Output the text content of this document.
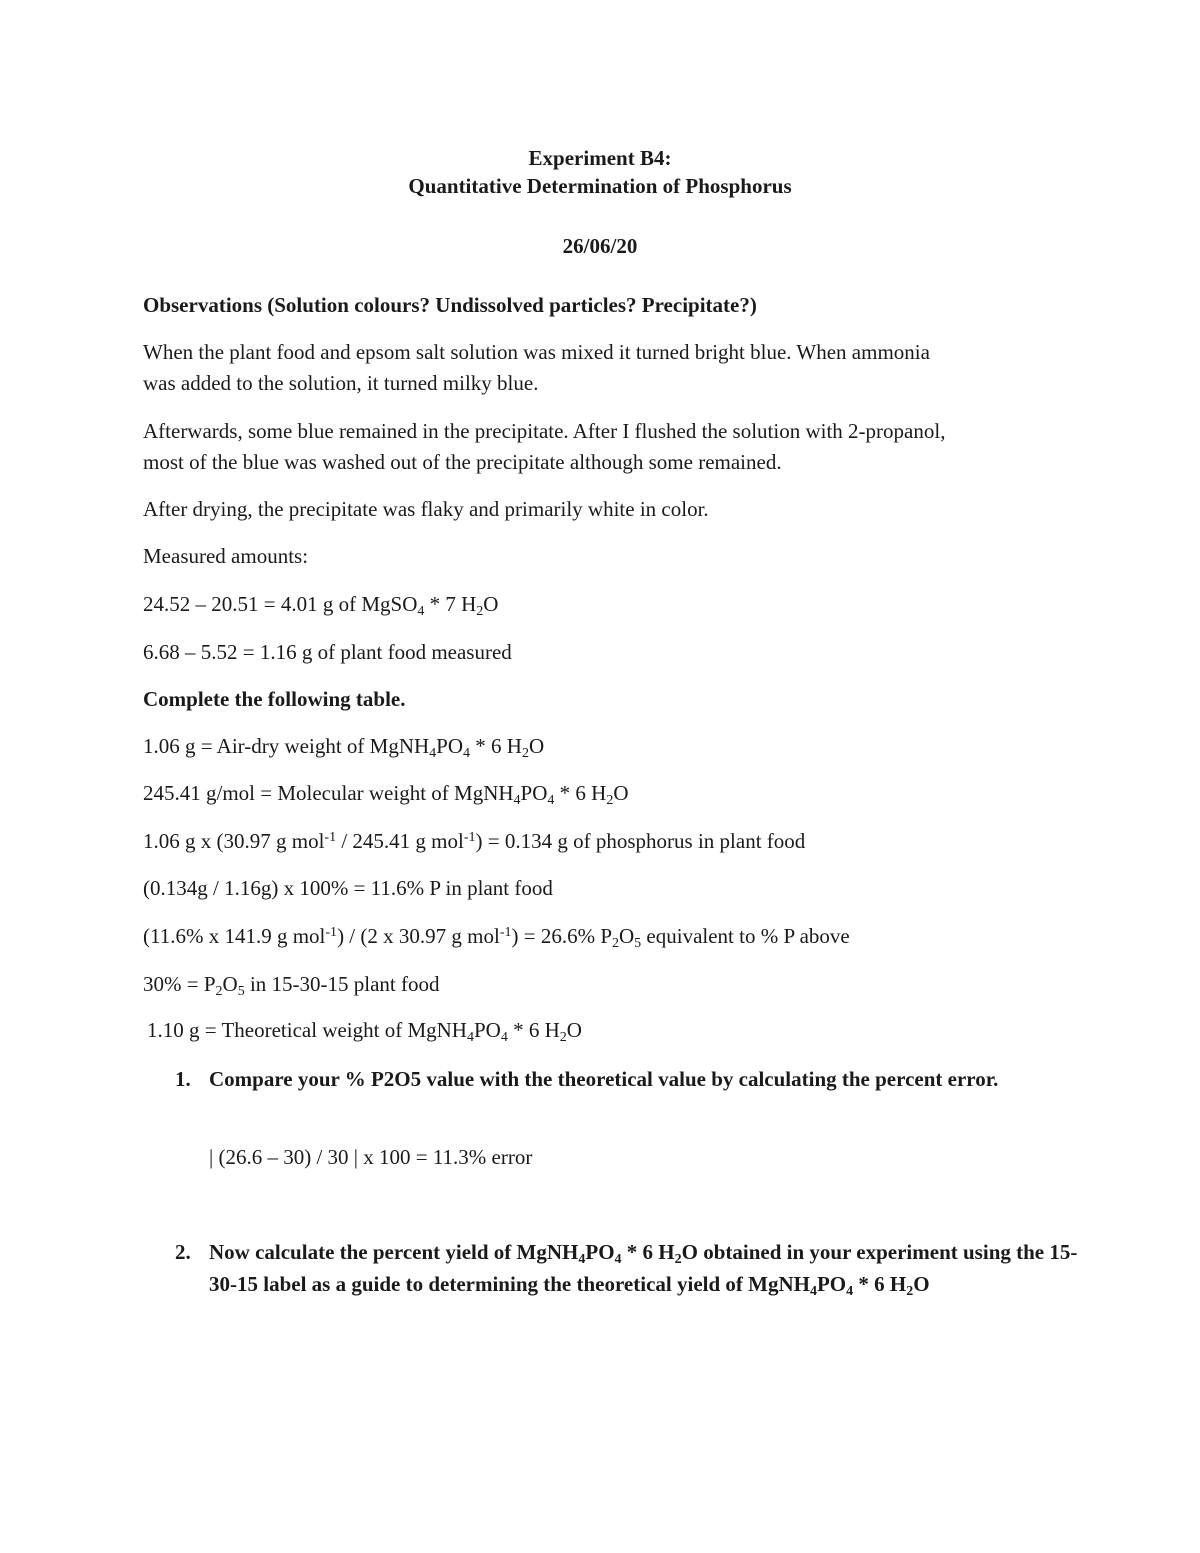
Experiment B4:
Quantitative Determination of Phosphorus
26/06/20
Observations (Solution colours? Undissolved particles? Precipitate?)
When the plant food and epsom salt solution was mixed it turned bright blue. When ammonia
was added to the solution, it turned milky blue.
Afterwards, some blue remained in the precipitate. After I flushed the solution with 2-propanol,
most of the blue was washed out of the precipitate although some remained.
After drying, the precipitate was flaky and primarily white in color.
Measured amounts:
24.52 – 20.51 = 4.01 g of MgSO$_4$ * 7 $H_2O$
6.68 – 5.52 = 1.16 g of plant food measured
Complete the following table.
1.06 g = Air-dry weight of $MgNH_4PO_4 * 6$ $H_2O$
245.41 g/mol = Molecular weight of $MgNH_4PO_4 * 6$ $H_2O$
1.06 g x (30.97 g mol$^{-1}$ / 245.41 g mol$^{-1}$) = 0.134 g of phosphorus in plant food
(0.134g / 1.16g) x 100% = 11.6% P in plant food
(11.6% x 141.9 g mol$^{-1}$) / (2 x 30.97 g mol$^{-1}$) = 26.6% $P_2O_5$ equivalent to % P above
$30\% = P_2O_5$ in 15-30-15 plant food
1.10 g = Theoretical weight of $MgNH_4PO_4 * 6$ $H_2O$
1. Compare your % P2O5 value with the theoretical value by calculating the percent error.
| (26.6 – 30) / 30 | x 100 = 11.3% error
2. Now calculate the percent yield of $MgNH_4PO_4 * 6$ $H_2O$ obtained in your experiment using the 15-30-15 label as a guide to determining the theoretical yield of $MgNH_4PO_4 * 6$ $H_2O$
